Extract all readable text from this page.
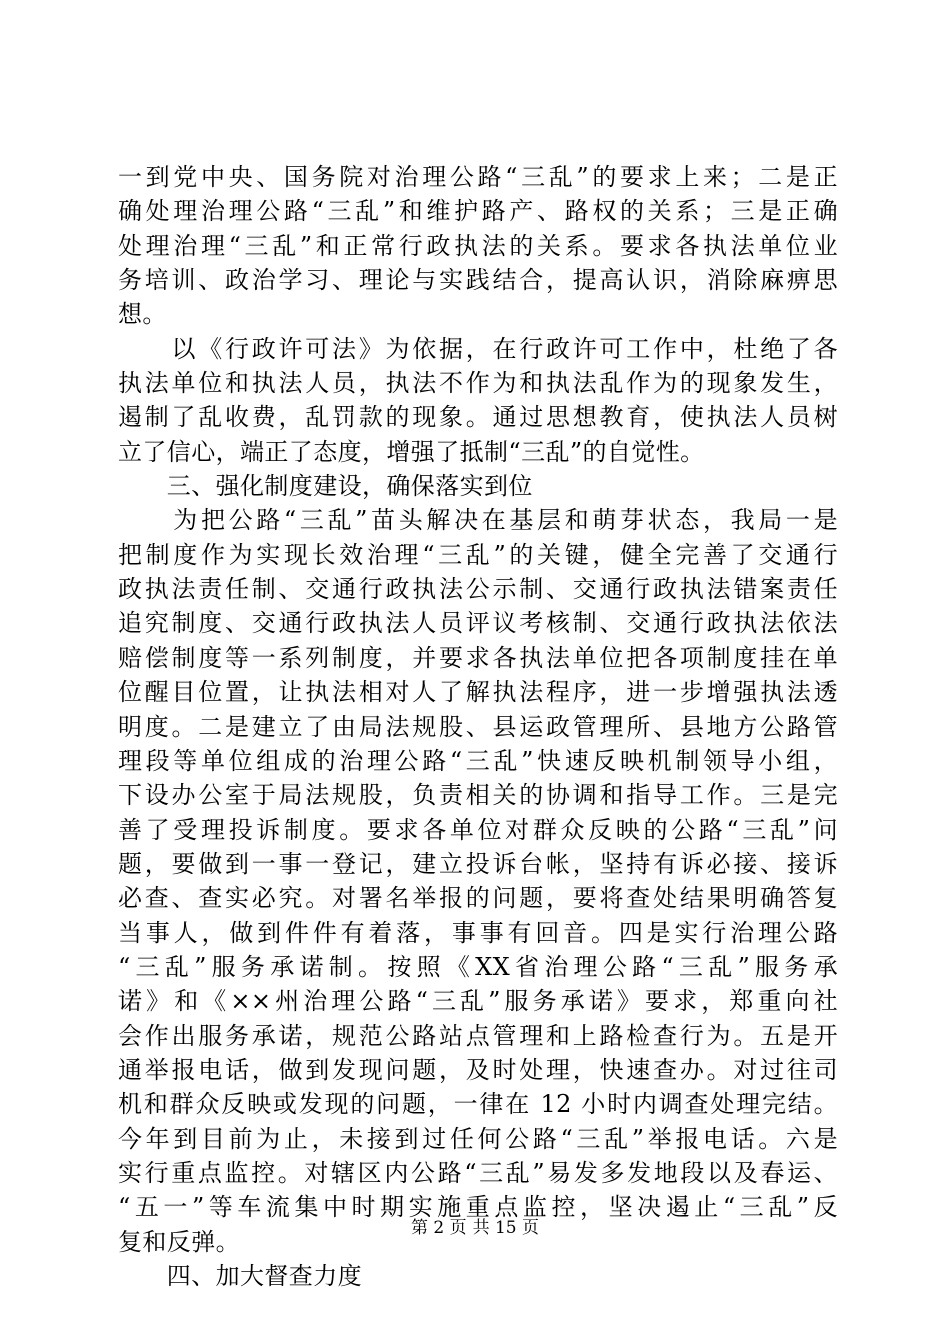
一到党中央、国务院对治理公路“三乱”的要求上来；二是正
确处理治理公路“三乱”和维护路产、路权的关系；三是正确
处理治理“三乱”和正常行政执法的关系。要求各执法单位业
务培训、政治学习、理论与实践结合，提高认识，消除麻痹思
想。
　　以《行政许可法》为依据，在行政许可工作中，杜绝了各
执法单位和执法人员，执法不作为和执法乱作为的现象发生，
遏制了乱收费，乱罚款的现象。通过思想教育，使执法人员树
立了信心，端正了态度，增强了抵制“三乱”的自觉性。
　　三、强化制度建设，确保落实到位
　　为把公路“三乱”苗头解决在基层和萌芽状态，我局一是
把制度作为实现长效治理“三乱”的关键，健全完善了交通行
政执法责任制、交通行政执法公示制、交通行政执法错案责任
追究制度、交通行政执法人员评议考核制、交通行政执法依法
赔偿制度等一系列制度，并要求各执法单位把各项制度挂在单
位醒目位置，让执法相对人了解执法程序，进一步增强执法透
明度。二是建立了由局法规股、县运政管理所、县地方公路管
理段等单位组成的治理公路“三乱”快速反映机制领导小组，
下设办公室于局法规股，负责相关的协调和指导工作。三是完
善了受理投诉制度。要求各单位对群众反映的公路“三乱”问
题，要做到一事一登记，建立投诉台帐，坚持有诉必接、接诉
必查、查实必究。对署名举报的问题，要将查处结果明确答复
当事人，做到件件有着落，事事有回音。四是实行治理公路
“三乱”服务承诺制。按照《XX省治理公路“三乱”服务承
诺》和《××州治理公路“三乱”服务承诺》要求，郑重向社
会作出服务承诺，规范公路站点管理和上路检查行为。五是开
通举报电话，做到发现问题，及时处理，快速查办。对过往司
机和群众反映或发现的问题，一律在 12 小时内调查处理完结。
今年到目前为止，未接到过任何公路“三乱”举报电话。六是
实行重点监控。对辖区内公路“三乱”易发多发地段以及春运、
“五一”等车流集中时期实施重点监控，坚决遏止“三乱”反
复和反弹。
　　四、加大督查力度
第 2 页 共 15 页
